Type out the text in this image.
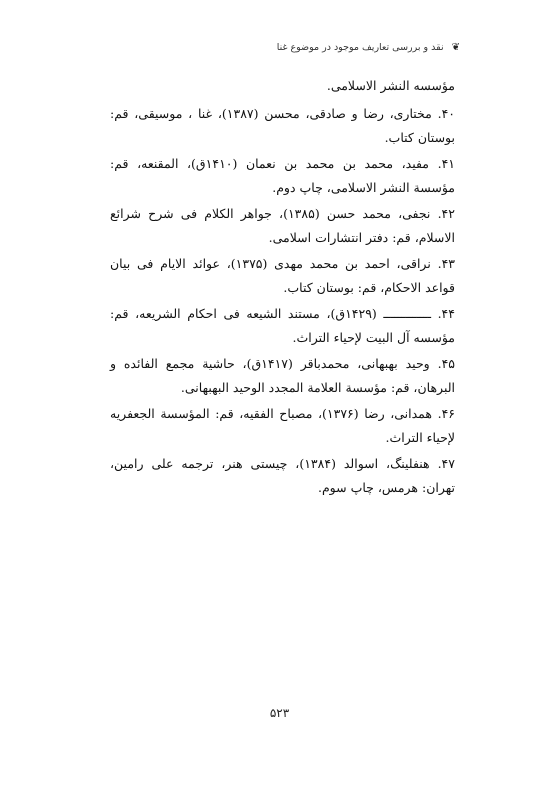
❦
نقد و بررسی تعاریف موجود در موضوع غنا

مؤسسه النشر الاسلامی.

۴۰. مختاری، رضا و صادقی، محسن (۱۳۸۷)، غنا ، موسیقی، قم: بوستان کتاب.

۴۱. مفید، محمد بن محمد بن نعمان (۱۴۱۰ق)، المقنعه، قم: مؤسسة النشر الاسلامی، چاپ دوم.

۴۲. نجفی، محمد حسن (۱۳۸۵)، جواهر الکلام فی شرح شرائع الاسلام، قم: دفتر انتشارات اسلامی.

۴۳. نراقی، احمد بن محمد مهدی (۱۳۷۵)، عوائد الایام فی بیان قواعد الاحکام، قم: بوستان کتاب.

۴۴. ـــــــــــــ (۱۴۲۹ق)، مستند الشیعه فی احکام الشریعه، قم: مؤسسه آل البیت لإحیاء التراث.

۴۵. وحید بهبهانی، محمدباقر (۱۴۱۷ق)، حاشیة مجمع الفائده و البرهان، قم: مؤسسة العلامة المجدد الوحید البهبهانی.

۴۶. همدانی، رضا (۱۳۷۶)، مصباح الفقیه، قم: المؤسسة الجعفریه لإحیاء التراث.

۴۷. هنفلینگ، اسوالد (۱۳۸۴)، چیستی هنر، ترجمه علی رامین، تهران: هرمس، چاپ سوم.

۵۲۳
